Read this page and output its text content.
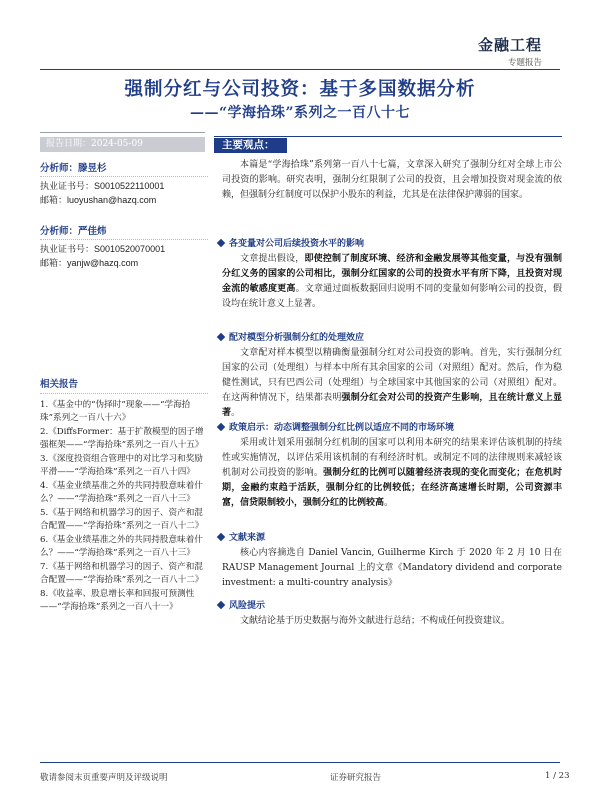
金融工程
专题报告
强制分红与公司投资：基于多国数据分析
——“学海拾珠”系列之一百八十七
报告日期：2024-05-09
分析师：滕昱杉
执业证书号：S0010522110001
邮箱：luoyushan@hazq.com
分析师：严佳炜
执业证书号：S0010520070001
邮箱：yanjw@hazq.com
相关报告
1.《基金中的“伪择时”现象——“学海拾珠”系列之一百八十六》
2.《DiffsFormer：基于扩散模型的因子增强框架——“学海拾珠”系列之一百八十五》
3.《深度投资组合管理中的对比学习和奖励平滑——“学海拾珠”系列之一百八十四》
4.《基金业绩基准之外的共同持股意味着什么？——“学海拾珠”系列之一百八十三》
5.《基于网络和机器学习的因子、资产和混合配置——“学海拾珠”系列之一百八十二》
6.《基金业绩基准之外的共同持股意味着什么？——“学海拾珠”系列之一百八十三》
7.《基于网络和机器学习的因子、资产和混合配置——“学海拾珠”系列之一百八十二》
8.《收益率、股息增长率和回报可预测性——“学海拾珠”系列之一百八十一》
主要观点：
本篇是“学海拾珠”系列第一百八十七篇，文章深入研究了强制分红对全球上市公司投资的影响。研究表明，强制分红限制了公司的投资，且会增加投资对现金流的依赖，但强制分红制度可以保护小股东的利益，尤其是在法律保护薄弱的国家。
各变量对公司后续投资水平的影响
文章提出假设，即使控制了制度环境、经济和金融发展等其他变量，与没有强制分红义务的国家的公司相比，强制分红国家的公司的投资水平有所下降，且投资对现金流的敏感度更高。文章通过面板数据回归说明不同的变量如何影响公司的投资，假设均在统计意义上显著。
配对模型分析强制分红的处理效应
文章配对样本模型以精确衡量强制分红对公司投资的影响。首先，实行强制分红国家的公司（处理组）与样本中所有其余国家的公司（对照组）配对。然后，作为稳健性测试，只有巴西公司（处理组）与全球国家中其他国家的公司（对照组）配对。在这两种情况下，结果都表明强制分红会对公司的投资产生影响，且在统计意义上显著。
政策启示：动态调整强制分红比例以适应不同的市场环境
采用或计划采用强制分红机制的国家可以利用本研究的结果来评估该机制的持续性或实施情况，以评估采用该机制的有利经济时机。或制定不同的法律规则来减轻该机制对公司投资的影响。强制分红的比例可以随着经济表现的变化而变化；在危机时期，金融约束趋于活跃，强制分红的比例较低；在经济高速增长时期，公司资源丰富，信贷限制较小，强制分红的比例较高。
文献来源
核心内容摘选自 Daniel Vancin, Guilherme Kirch 于 2020 年 2 月 10 日在 RAUSP Management Journal 上的文章《Mandatory dividend and corporate investment: a multi-country analysis》
风险提示
文献结论基于历史数据与海外文献进行总结；不构成任何投资建议。
敬请参阅末页重要声明及评级说明	证券研究报告	1 / 23
